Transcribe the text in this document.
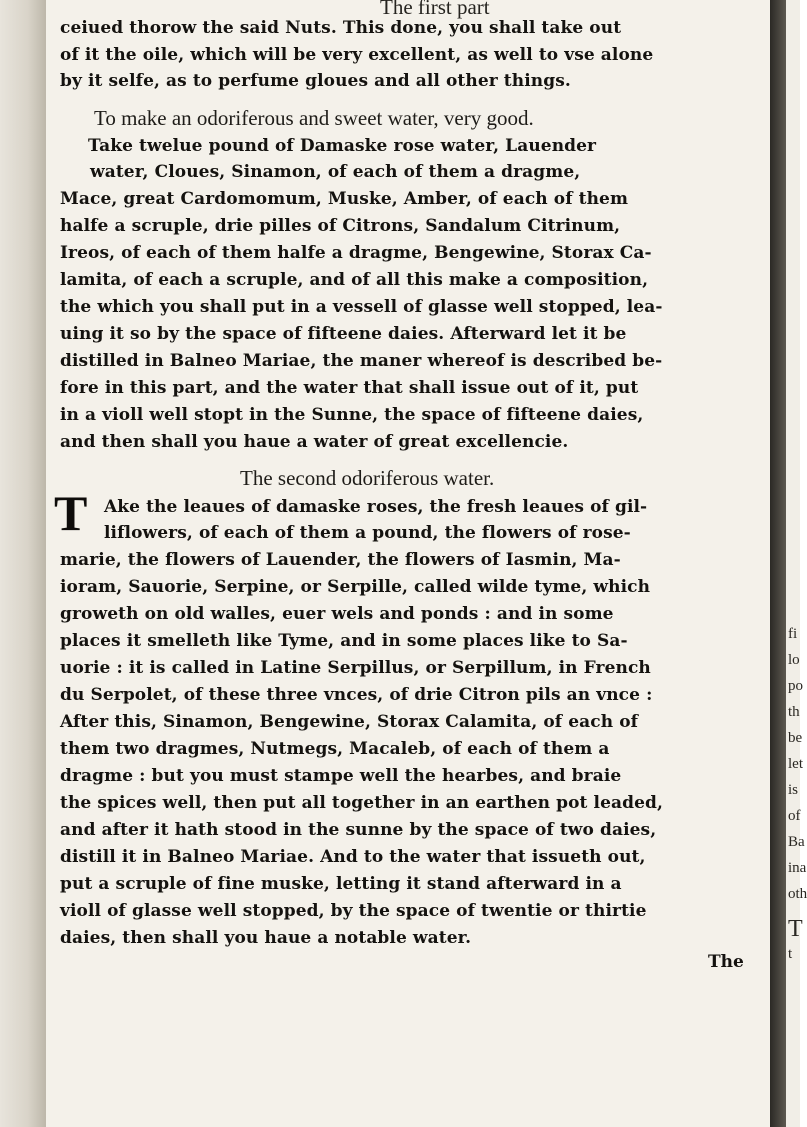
The first part
ceiued thorow the said Nuts. This done, you shall take out
of it the oile, which will be very excellent, as well to vse alone
by it selfe, as to perfume gloues and all other things.
To make an odoriferous and sweet water, very good.
Take twelue pound of Damaske rose water, Lauender
water, Cloues, Sinamon, of each of them a dragme,
Mace, great Cardomomum, Muske, Amber, of each of them
halfe a scruple, drie pilles of Citrons, Sandalum Citrinum,
Ireos, of each of them halfe a dragme, Bengewine, Storax Ca-
lamita, of each a scruple, and of all this make a composition,
the which you shall put in a vessell of glasse well stopped, lea-
uing it so by the space of fifteene daies. Afterward let it be
distilled in Balneo Mariae, the maner whereof is described be-
fore in this part, and the water that shall issue out of it, put
in a violl well stopt in the Sunne, the space of fifteene daies,
and then shall you haue a water of great excellencie.
The second odoriferous water.
T Ake the leaues of damaske roses, the fresh leaues of gil-
liflowers, of each of them a pound, the flowers of rose-
marie, the flowers of Lauender, the flowers of Iasmin, Ma-
ioram, Sauorie, Serpine, or Serpille, called wilde tyme, which
groweth on old walles, euer wels and ponds : and in some
places it smelleth like Tyme, and in some places like to Sa-
uorie : it is called in Latine Serpillus, or Serpillum, in French
du Serpolet, of these three vnces, of drie Citron pils an vnce :
After this, Sinamon, Bengewine, Storax Calamita, of each of
them two dragmes, Nutmegs, Macaleb, of each of them a
dragme : but you must stampe well the hearbes, and braie
the spices well, then put all together in an earthen pot leaded,
and after it hath stood in the sunne by the space of two daies,
distill it in Balneo Mariae. And to the water that issueth out,
put a scruple of fine muske, letting it stand afterward in a
violl of glasse well stopped, by the space of twentie or thirtie
daies, then shall you haue a notable water.
The
fi
lo
po
th
be
let
is
of
Ba
ina
oth
T
t
